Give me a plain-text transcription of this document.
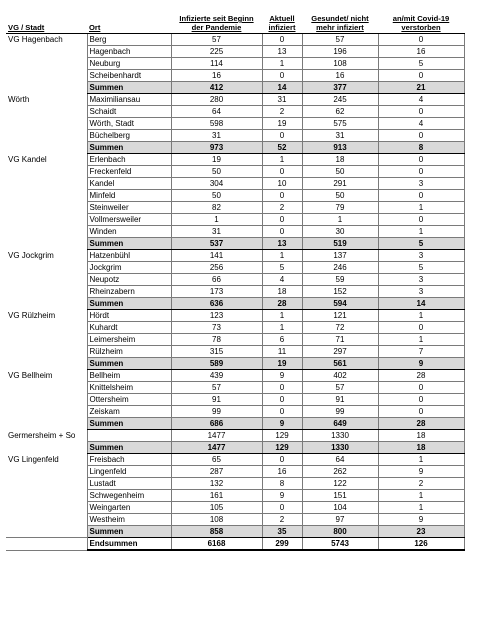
VG / Stadt	Ort	Infizierte seit Beginn der Pandemie	Aktuell infiziert	Gesundet/ nicht mehr infiziert	an/mit Covid-19 verstorben
VG Hagenbach	Berg	57	0	57	0
	Hagenbach	225	13	196	16
	Neuburg	114	1	108	5
	Scheibenhardt	16	0	16	0
	Summen	412	14	377	21
Wörth	Maximiliansau	280	31	245	4
	Schaidt	64	2	62	0
	Wörth, Stadt	598	19	575	4
	Büchelberg	31	0	31	0
	Summen	973	52	913	8
VG Kandel	Erlenbach	19	1	18	0
	Freckenfeld	50	0	50	0
	Kandel	304	10	291	3
	Minfeld	50	0	50	0
	Steinweiler	82	2	79	1
	Vollmersweiler	1	0	1	0
	Winden	31	0	30	1
	Summen	537	13	519	5
VG Jockgrim	Hatzenbühl	141	1	137	3
	Jockgrim	256	5	246	5
	Neupotz	66	4	59	3
	Rheinzabern	173	18	152	3
	Summen	636	28	594	14
VG Rülzheim	Hördt	123	1	121	1
	Kuhardt	73	1	72	0
	Leimersheim	78	6	71	1
	Rülzheim	315	11	297	7
	Summen	589	19	561	9
VG Bellheim	Bellheim	439	9	402	28
	Knittelsheim	57	0	57	0
	Ottersheim	91	0	91	0
	Zeiskam	99	0	99	0
	Summen	686	9	649	28
Germersheim + So		1477	129	1330	18
	Summen	1477	129	1330	18
VG Lingenfeld	Freisbach	65	0	64	1
	Lingenfeld	287	16	262	9
	Lustadt	132	8	122	2
	Schwegenheim	161	9	151	1
	Weingarten	105	0	104	1
	Westheim	108	2	97	9
	Summen	858	35	800	23
	Endsummen	6168	299	5743	126
